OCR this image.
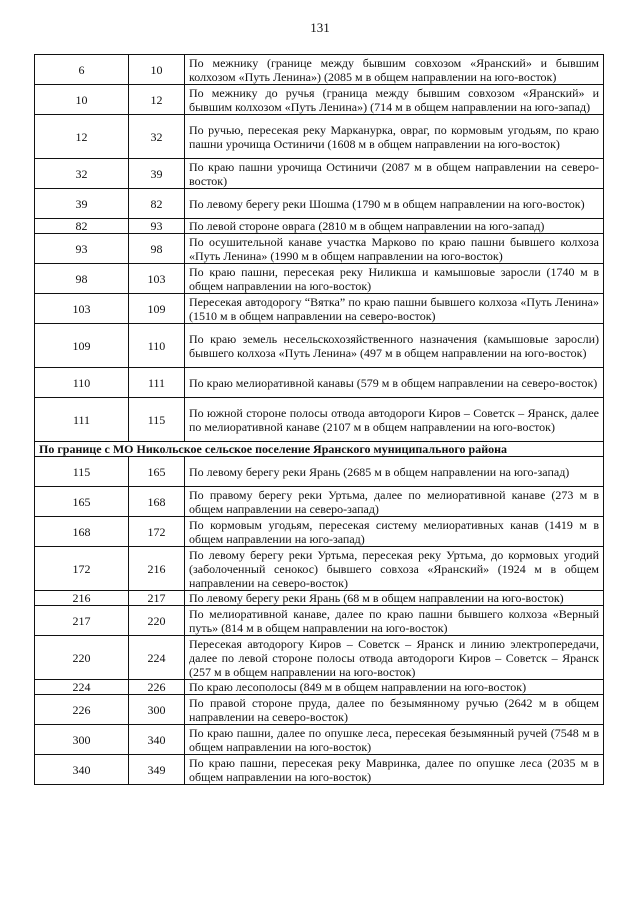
131
6	10	По межнику (границе между бывшим совхозом «Яранский» и бывшим колхозом «Путь Ленина») (2085 м в общем направлении на юго-восток)
10	12	По межнику до ручья (граница между бывшим совхозом «Яранский» и бывшим колхозом «Путь Ленина») (714 м в общем направлении на юго-запад)
12	32	По ручью, пересекая реку Маркануpка, овраг, по кормовым угодьям, по краю пашни урочища Остиничи (1608 м в общем направлении на юго-восток)
32	39	По краю пашни урочища Остиничи (2087 м в общем направлении на северо-восток)
39	82	По левому берегу реки Шошма (1790 м в общем направлении на юго-восток)
82	93	По левой стороне оврага (2810 м в общем направлении на юго-запад)
93	98	По осушительной канаве участка Марково по краю пашни бывшего колхоза «Путь Ленина» (1990 м в общем направлении на юго-восток)
98	103	По краю пашни, пересекая реку Ниликша и камышовые заросли (1740 м в общем направлении на юго-восток)
103	109	Пересекая автодорогу “Вятка” по краю пашни бывшего колхоза «Путь Ленина» (1510 м в общем направлении на северо-восток)
109	110	По краю земель несельскохозяйственного назначения (камышовые заросли) бывшего колхоза «Путь Ленина» (497 м в общем направлении на юго-восток)
110	111	По краю мелиоративной канавы (579 м в общем направлении на северо-восток)
111	115	По южной стороне полосы отвода автодороги Киров – Советск – Яранск, далее по мелиоративной канаве (2107 м в общем направлении на юго-восток)
По границе с МО Никольское сельское поселение Яранского муниципального района		
115	165	По левому берегу реки Ярань (2685 м в общем направлении на юго-запад)
165	168	По правому берегу реки Уртьма, далее по мелиоративной канаве (273 м в общем направлении на северо-запад)
168	172	По кормовым угодьям, пересекая систему мелиоративных канав (1419 м в общем направлении на юго-запад)
172	216	По левому берегу реки Уртьма, пересекая реку Уртьма, до кормовых угодий (заболоченный сенокос) бывшего совхоза «Яранский» (1924 м в общем направлении на северо-восток)
216	217	По левому берегу реки Ярань (68 м в общем направлении на юго-восток)
217	220	По мелиоративной канаве, далее по краю пашни бывшего колхоза «Верный путь» (814 м в общем направлении на юго-восток)
220	224	Пересекая автодорогу Киров – Советск – Яранск и линию электропередачи, далее по левой стороне полосы отвода автодороги Киров – Советск – Яранск (257 м в общем направлении на юго-восток)
224	226	По краю лесополосы (849 м в общем направлении на юго-восток)
226	300	По правой стороне пруда, далее по безымянному ручью (2642 м в общем направлении на северо-восток)
300	340	По краю пашни, далее по опушке леса, пересекая безымянный ручей (7548 м в общем направлении на юго-восток)
340	349	По краю пашни, пересекая реку Мавринка, далее по опушке леса (2035 м в общем направлении на юго-восток)
